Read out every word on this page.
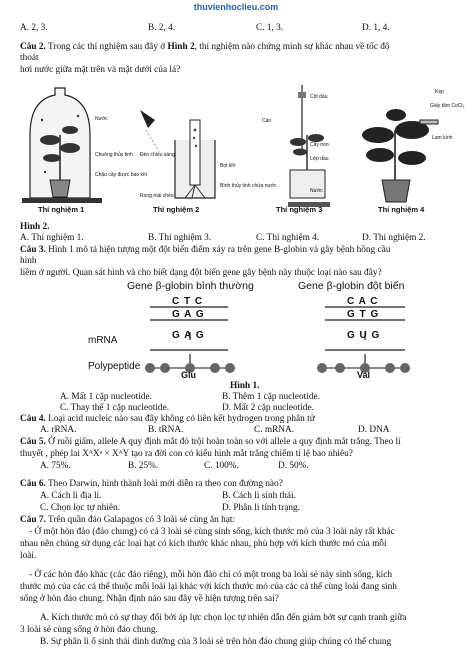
thuvienhoclieu.com
A. 2, 3.	B. 2, 4.	C. 1, 3.	D. 1, 4.
Câu 2. Trong các thí nghiệm sau đây ở Hình 2, thí nghiệm nào chứng minh sự khác nhau về tốc độ
thoát
hơi nước giữa mặt trên và mặt dưới của lá?
Thí nghiệm 1	Thí nghiệm 2	Thí nghiệm 3	Thí nghiệm 4
Nước
Chuông thủy tinh
Chậu cây được bao kín
Đèn chiếu sáng
Rong mái chèo
Bọt khí
Bình thủy tinh chứa nước
Cột dầu
Cây non
Lớp dầu
Nước
Cân
Kẹp
Giấy tẩm CoCl₂
Lam kính
Hình 2.
A. Thí nghiệm 1.	B. Thí nghiệm 3.	C. Thí nghiệm 4.	D. Thí nghiệm 2.
Câu 3. Hình 1 mô tả hiện tượng một đột biến điểm xảy ra trên gene B-globin và gây bệnh hồng cầu
hình
liềm ở người. Quan sát hình và cho biết dạng đột biến gene gây bệnh này thuộc loại nào sau đây?
Gene β-globin bình thường	Gene β-globin đột biến
C T C
G A G
G A G
C A C
G T G
G U G
mRNA
Polypeptide
Glu	Val
Hình 1.
A. Mất 1 cặp nucleotide.	B. Thêm 1 cặp nucleotide.
C. Thay thế 1 cặp nucleotide.	D. Mất 2 cặp nucleotide.
Câu 4. Loại acid nucleic nào sau đây không có liên kết hydrogen trong phân tử
A. rRNA.	B. tRNA.	C. mRNA.	D. DNA
Câu 5. Ở ruồi giấm, allele A quy định mắt đỏ trội hoàn toàn so với allele a quy định mắt trắng. Theo lí
thuyết , phép lai XᴬXᵃ × XᴬY tạo ra đời con có kiểu hình mắt trắng chiếm tỉ lệ bao nhiêu?
A. 75%.	B. 25%.	C. 100%.	D. 50%.
Câu 6. Theo Darwin, hình thành loài mới diễn ra theo con đường nào?
A. Cách li địa lí.	B. Cách li sinh thái.
C. Chọn lọc tự nhiên.	D. Phân li tính trạng.
Câu 7. Trên quần đảo Galapagos có 3 loài sẻ cùng ăn hạt:
- Ở một hòn đảo (đảo chung) có cả 3 loài sẻ cùng sinh sống, kích thước mỏ của 3 loài này rất khác
nhau nên chúng sử dụng các loại hạt có kích thước khác nhau, phù hợp với kích thước mỏ của mỗi
loài.
- Ở các hòn đảo khác (các đảo riêng), mỗi hòn đảo chỉ có một trong ba loài sẻ này sinh sống, kích
thước mỏ của các cá thể thuộc mỗi loài lại khác với kích thước mỏ của các cá thể cùng loài đang sinh
sống ở hòn đảo chung. Nhận định nào sau đây về hiện tượng trên sai?
A. Kích thước mỏ có sự thay đổi bởi áp lực chọn lọc tự nhiên dẫn đến giảm bớt sự cạnh tranh giữa
3 loài sẻ cùng sống ở hòn đảo chung.
B. Sự phân li ổ sinh thái dinh dưỡng của 3 loài sẻ trên hòn đảo chung giúp chúng có thể chung
